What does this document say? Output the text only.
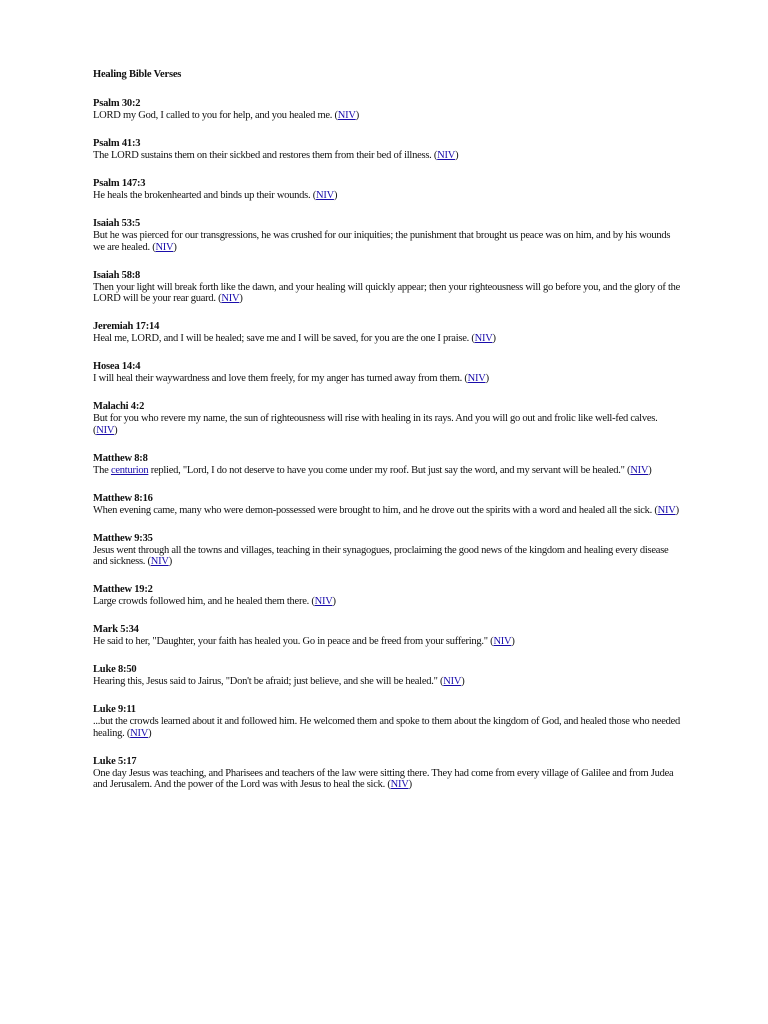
Healing Bible Verses
Psalm 30:2
LORD my God, I called to you for help, and you healed me. (NIV)
Psalm 41:3
The LORD sustains them on their sickbed and restores them from their bed of illness. (NIV)
Psalm 147:3
He heals the brokenhearted and binds up their wounds. (NIV)
Isaiah 53:5
But he was pierced for our transgressions, he was crushed for our iniquities; the punishment that brought us peace was on him, and by his wounds we are healed. (NIV)
Isaiah 58:8
Then your light will break forth like the dawn, and your healing will quickly appear; then your righteousness will go before you, and the glory of the LORD will be your rear guard. (NIV)
Jeremiah 17:14
Heal me, LORD, and I will be healed; save me and I will be saved, for you are the one I praise. (NIV)
Hosea 14:4
I will heal their waywardness and love them freely, for my anger has turned away from them. (NIV)
Malachi 4:2
But for you who revere my name, the sun of righteousness will rise with healing in its rays. And you will go out and frolic like well-fed calves. (NIV)
Matthew 8:8
The centurion replied, "Lord, I do not deserve to have you come under my roof. But just say the word, and my servant will be healed." (NIV)
Matthew 8:16
When evening came, many who were demon-possessed were brought to him, and he drove out the spirits with a word and healed all the sick. (NIV)
Matthew 9:35
Jesus went through all the towns and villages, teaching in their synagogues, proclaiming the good news of the kingdom and healing every disease and sickness. (NIV)
Matthew 19:2
Large crowds followed him, and he healed them there. (NIV)
Mark 5:34
He said to her, "Daughter, your faith has healed you. Go in peace and be freed from your suffering." (NIV)
Luke 8:50
Hearing this, Jesus said to Jairus, "Don't be afraid; just believe, and she will be healed." (NIV)
Luke 9:11
...but the crowds learned about it and followed him. He welcomed them and spoke to them about the kingdom of God, and healed those who needed healing. (NIV)
Luke 5:17
One day Jesus was teaching, and Pharisees and teachers of the law were sitting there. They had come from every village of Galilee and from Judea and Jerusalem. And the power of the Lord was with Jesus to heal the sick. (NIV)
